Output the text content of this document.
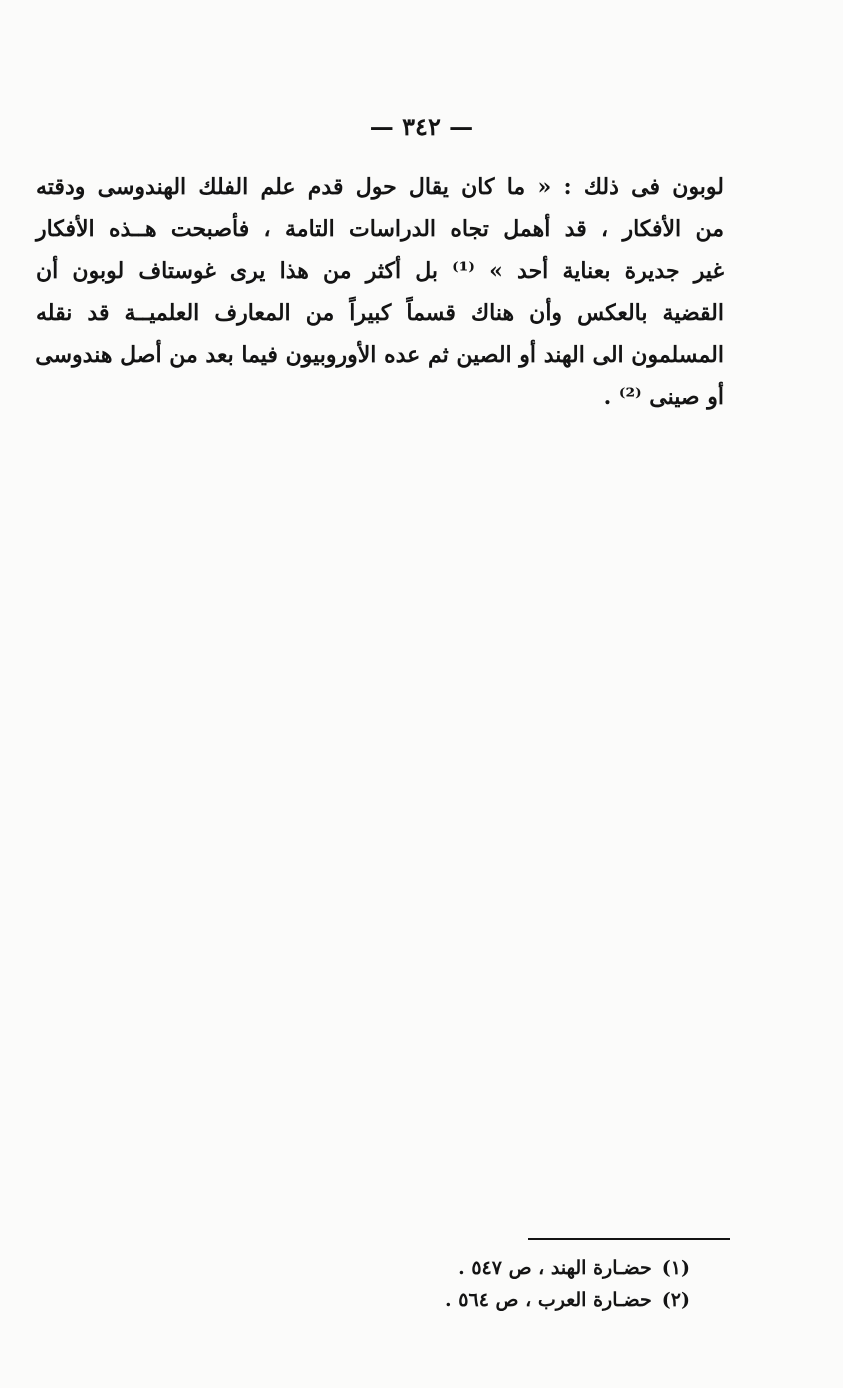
— ٣٤٢ —
لوبون فى ذلك : « ما كان يقال حول قدم علم الفلك الهندوسى ودقته
من الأفكار ، قد أهمل تجاه الدراسات التامة ، فأصبحت هــذه الأفكار
غير جديرة بعناية أحد » ⁽¹⁾ بل أكثر من هذا يرى غوستاف لوبون أن
القضية بالعكس وأن هناك قسماً كبيراً من المعارف العلميــة قد نقله
المسلمون الى الهند أو الصين ثم عده الأوروبيون فيما بعد من أصل هندوسى
أو صينى ⁽²⁾ .
(١)حضـارة الهند ، ص ٥٤٧ .
(٢)حضـارة العرب ، ص ٥٦٤ .
